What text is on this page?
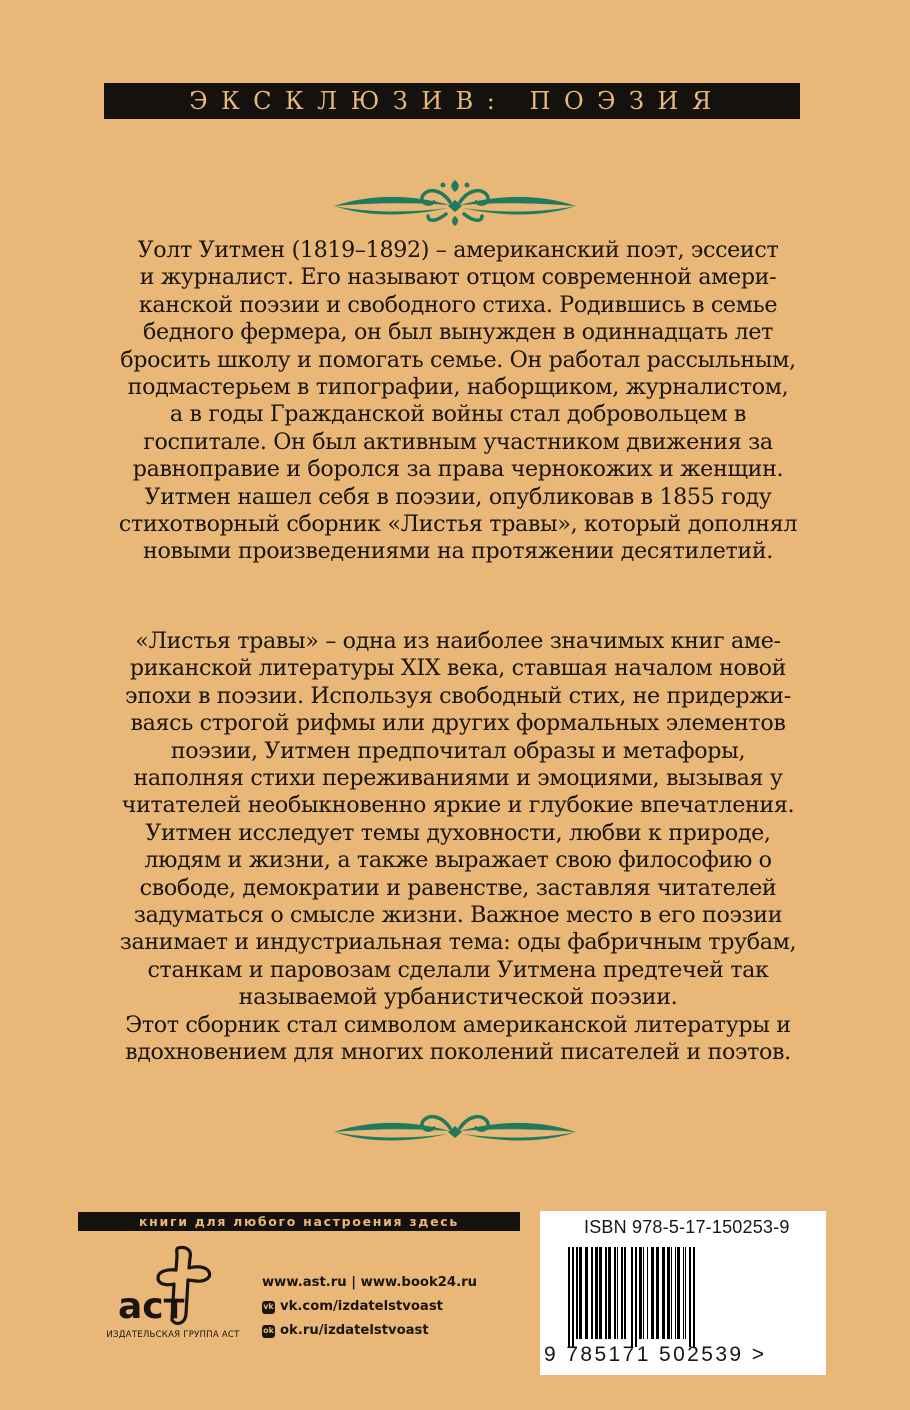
ЭКСКЛЮЗИВ: ПОЭЗИЯ
Уолт Уитмен (1819–1892) – американский поэт, эссеист
и журналист. Его называют отцом современной амери-
канской поэзии и свободного стиха. Родившись в семье
бедного фермера, он был вынужден в одиннадцать лет
бросить школу и помогать семье. Он работал рассыльным,
подмастерьем в типографии, наборщиком, журналистом,
а в годы Гражданской войны стал добровольцем в
госпитале. Он был активным участником движения за
равноправие и боролся за права чернокожих и женщин.
Уитмен нашел себя в поэзии, опубликовав в 1855 году
стихотворный сборник «Листья травы», который дополнял
новыми произведениями на протяжении десятилетий.
«Листья травы» – одна из наиболее значимых книг аме-
риканской литературы XIX века, ставшая началом новой
эпохи в поэзии. Используя свободный стих, не придержи-
ваясь строгой рифмы или других формальных элементов
поэзии, Уитмен предпочитал образы и метафоры,
наполняя стихи переживаниями и эмоциями, вызывая у
читателей необыкновенно яркие и глубокие впечатления.
Уитмен исследует темы духовности, любви к природе,
людям и жизни, а также выражает свою философию о
свободе, демократии и равенстве, заставляя читателей
задуматься о смысле жизни. Важное место в его поэзии
занимает и индустриальная тема: оды фабричным трубам,
станкам и паровозам сделали Уитмена предтечей так
называемой урбанистической поэзии.
Этот сборник стал символом американской литературы и
вдохновением для многих поколений писателей и поэтов.
книги для любого настроения здесь
аст
ИЗДАТЕЛЬСКАЯ ГРУППА АСТ
www.ast.ru | www.book24.ru
vk vk.com/izdatelstvoast
ok ok.ru/izdatelstvoast
ISBN 978-5-17-150253-9
9 785171 502539 >
